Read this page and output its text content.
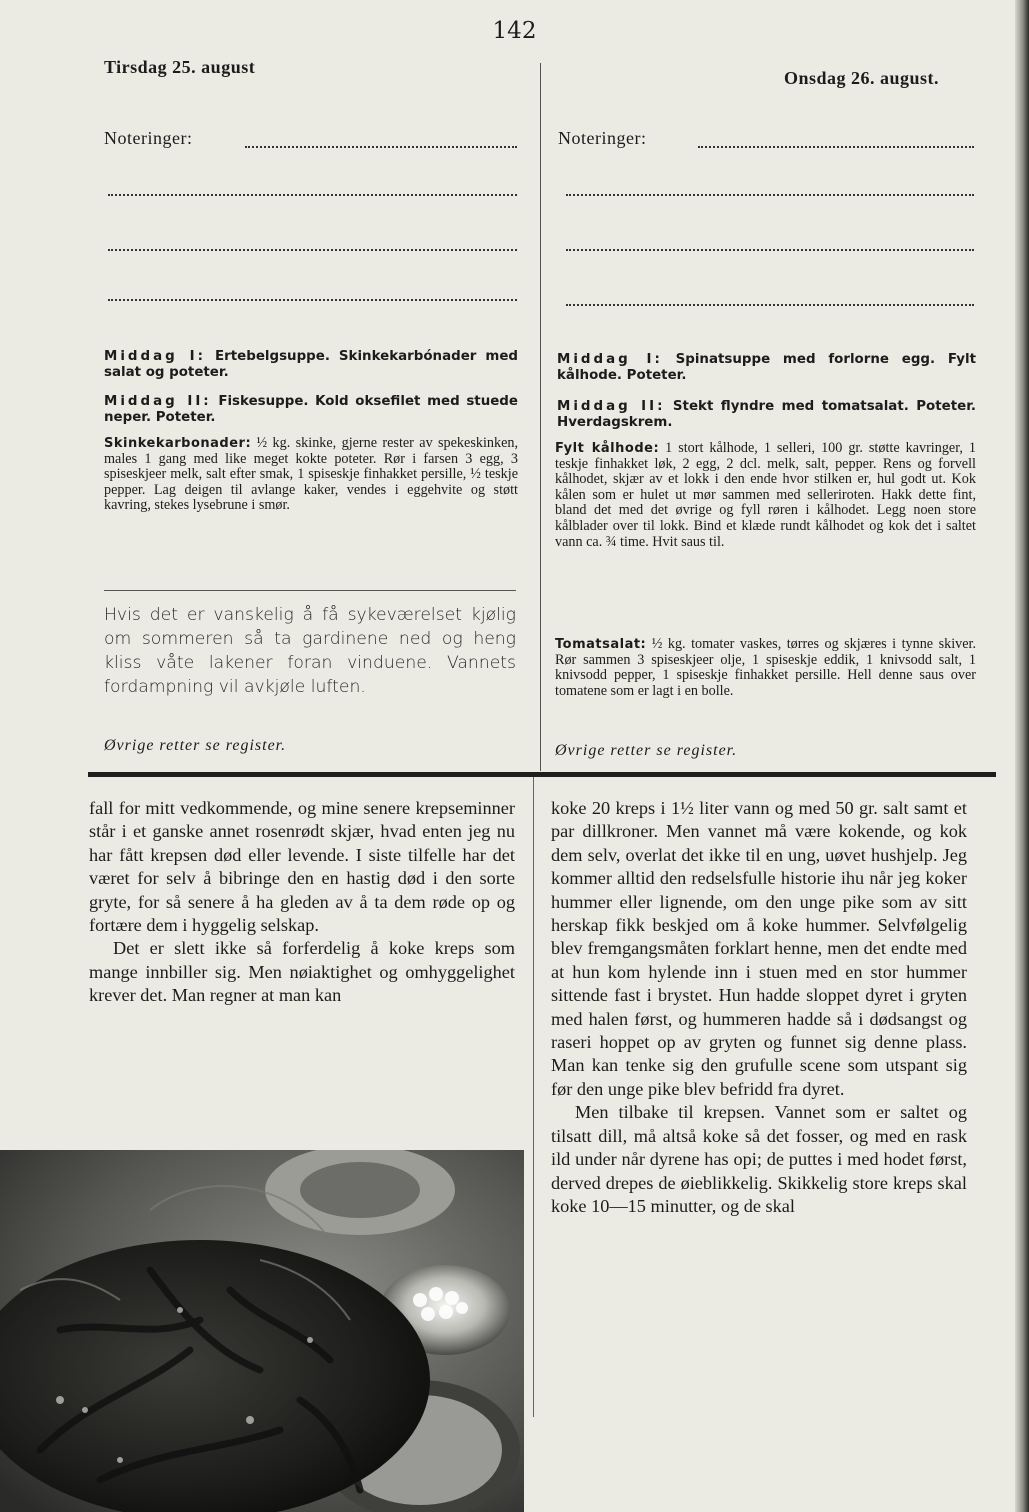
142
Tirsdag 25. august
Noteringer:
Onsdag 26. august.
Noteringer:
Middag I: Ertebelgsuppe. Skinkekarbónader med salat og poteter.
Middag II: Fiskesuppe. Kold oksefilet med stuede neper. Poteter.
Skinkekarbonader: ½ kg. skinke, gjerne rester av spekeskinken, males 1 gang med like meget kokte poteter. Rør i farsen 3 egg, 3 spiseskjeer melk, salt efter smak, 1 spiseskje finhakket persille, ½ teskje pepper. Lag deigen til avlange kaker, vendes i eggehvite og støtt kavring, stekes lysebrune i smør.
Hvis det er vanskelig å få sykeværelset kjølig om sommeren så ta gardinene ned og heng kliss våte lakener foran vinduene. Vannets fordampning vil avkjøle luften.
Øvrige retter se register.
Middag I: Spinatsuppe med forlorne egg. Fylt kålhode. Poteter.
Middag II: Stekt flyndre med tomatsalat. Poteter. Hverdagskrem.
Fylt kålhode: 1 stort kålhode, 1 selleri, 100 gr. støtte kavringer, 1 teskje finhakket løk, 2 egg, 2 dcl. melk, salt, pepper. Rens og forvell kålhodet, skjær av et lokk i den ende hvor stilken er, hul godt ut. Kok kålen som er hulet ut mør sammen med selleriroten. Hakk dette fint, bland det med det øvrige og fyll røren i kålhodet. Legg noen store kålblader over til lokk. Bind et klæde rundt kålhodet og kok det i saltet vann ca. ¾ time. Hvit saus til.
Tomatsalat: ½ kg. tomater vaskes, tørres og skjæres i tynne skiver. Rør sammen 3 spiseskjeer olje, 1 spiseskje eddik, 1 knivsodd salt, 1 knivsodd pepper, 1 spiseskje finhakket persille. Hell denne saus over tomatene som er lagt i en bolle.
Øvrige retter se register.

fall for mitt vedkommende, og mine senere krepseminner står i et ganske annet rosenrødt skjær, hvad enten jeg nu har fått krepsen død eller levende. I siste tilfelle har det været for selv å bibringe den en hastig død i den sorte gryte, for så senere å ha gleden av å ta dem røde op og fortære dem i hyggelig selskap.

Det er slett ikke så forferdelig å koke kreps som mange innbiller sig. Men nøiaktighet og omhyggelighet krever det. Man regner at man kan

koke 20 kreps i 1½ liter vann og med 50 gr. salt samt et par dillkroner. Men vannet må være kokende, og kok dem selv, overlat det ikke til en ung, uøvet hushjelp. Jeg kommer alltid den redselsfulle historie ihu når jeg koker hummer eller lignende, om den unge pike som av sitt herskap fikk beskjed om å koke hummer. Selvfølgelig blev fremgangsmåten forklart henne, men det endte med at hun kom hylende inn i stuen med en stor hummer sittende fast i brystet. Hun hadde sloppet dyret i gryten med halen først, og hummeren hadde så i dødsangst og raseri hoppet op av gryten og funnet sig denne plass. Man kan tenke sig den grufulle scene som utspant sig før den unge pike blev befridd fra dyret.

Men tilbake til krepsen. Vannet som er saltet og tilsatt dill, må altså koke så det fosser, og med en rask ild under når dyrene has opi; de puttes i med hodet først, derved drepes de øieblikkelig. Skikkelig store kreps skal koke 10—15 minutter, og de skal
